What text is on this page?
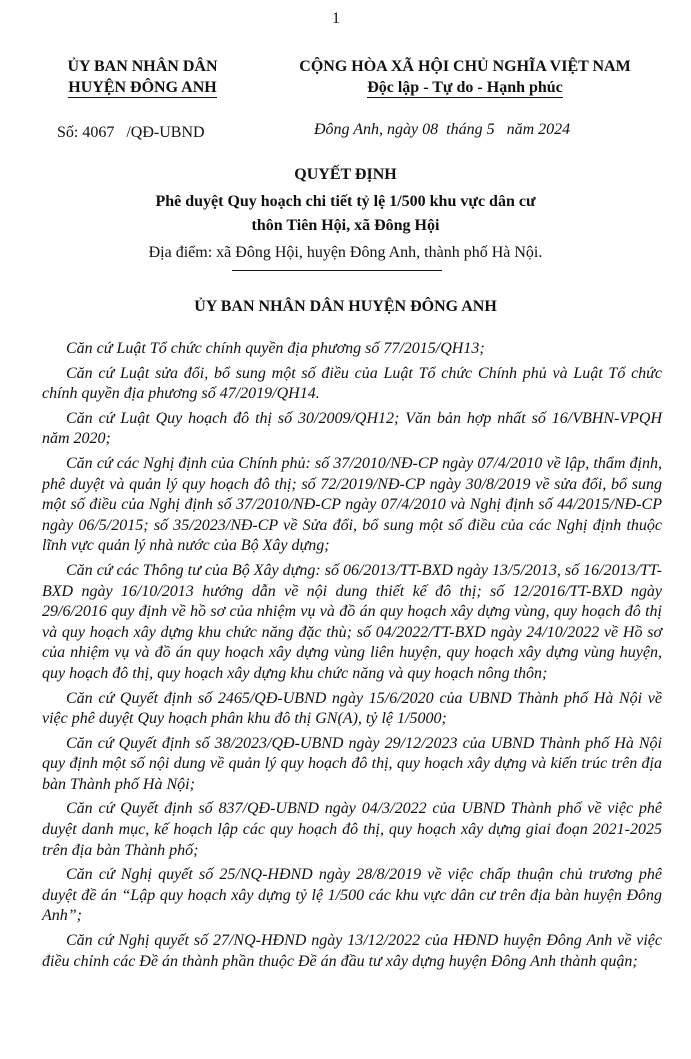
1
ỦY BAN NHÂN DÂN
HUYỆN ĐÔNG ANH
CỘNG HÒA XÃ HỘI CHỦ NGHĨA VIỆT NAM
Độc lập - Tự do - Hạnh phúc
Số: 4067   /QĐ-UBND	Đông Anh, ngày 08  tháng 5   năm 2024
QUYẾT ĐỊNH
Phê duyệt Quy hoạch chi tiết tỷ lệ 1/500 khu vực dân cư
thôn Tiên Hội, xã Đông Hội
Địa điểm: xã Đông Hội, huyện Đông Anh, thành phố Hà Nội.
ỦY BAN NHÂN DÂN HUYỆN ĐÔNG ANH

Căn cứ Luật Tổ chức chính quyền địa phương số 77/2015/QH13;

Căn cứ Luật sửa đổi, bổ sung một số điều của Luật Tổ chức Chính phủ và Luật Tổ chức chính quyền địa phương số 47/2019/QH14.

Căn cứ Luật Quy hoạch đô thị số 30/2009/QH12; Văn bản hợp nhất số 16/VBHN-VPQH năm 2020;

Căn cứ các Nghị định của Chính phủ: số 37/2010/NĐ-CP ngày 07/4/2010 về lập, thẩm định, phê duyệt và quản lý quy hoạch đô thị; số 72/2019/NĐ-CP ngày 30/8/2019 về sửa đổi, bổ sung một số điều của Nghị định số 37/2010/NĐ-CP ngày 07/4/2010 và Nghị định số 44/2015/NĐ-CP ngày 06/5/2015; số 35/2023/NĐ-CP về Sửa đổi, bổ sung một số điều của các Nghị định thuộc lĩnh vực quản lý nhà nước của Bộ Xây dựng;

Căn cứ các Thông tư của Bộ Xây dựng: số 06/2013/TT-BXD ngày 13/5/2013, số 16/2013/TT-BXD ngày 16/10/2013 hướng dẫn về nội dung thiết kế đô thị; số 12/2016/TT-BXD ngày 29/6/2016 quy định về hồ sơ của nhiệm vụ và đồ án quy hoạch xây dựng vùng, quy hoạch đô thị và quy hoạch xây dựng khu chức năng đặc thù; số 04/2022/TT-BXD ngày 24/10/2022 về Hồ sơ của nhiệm vụ và đồ án quy hoạch xây dựng vùng liên huyện, quy hoạch xây dựng vùng huyện, quy hoạch đô thị, quy hoạch xây dựng khu chức năng và quy hoạch nông thôn;

Căn cứ Quyết định số 2465/QĐ-UBND ngày 15/6/2020 của UBND Thành phố Hà Nội về việc phê duyệt Quy hoạch phân khu đô thị GN(A), tỷ lệ 1/5000;

Căn cứ Quyết định số 38/2023/QĐ-UBND ngày 29/12/2023 của UBND Thành phố Hà Nội quy định một số nội dung về quản lý quy hoạch đô thị, quy hoạch xây dựng và kiến trúc trên địa bàn Thành phố Hà Nội;

Căn cứ Quyết định số 837/QĐ-UBND ngày 04/3/2022 của UBND Thành phố về việc phê duyệt danh mục, kế hoạch lập các quy hoạch đô thị, quy hoạch xây dựng giai đoạn 2021-2025 trên địa bàn Thành phố;

Căn cứ Nghị quyết số 25/NQ-HĐND ngày 28/8/2019 về việc chấp thuận chủ trương phê duyệt đề án “Lập quy hoạch xây dựng tỷ lệ 1/500 các khu vực dân cư trên địa bàn huyện Đông Anh”;

Căn cứ Nghị quyết số 27/NQ-HĐND ngày 13/12/2022 của HĐND huyện Đông Anh về việc điều chỉnh các Đề án thành phần thuộc Đề án đầu tư xây dựng huyện Đông Anh thành quận;
